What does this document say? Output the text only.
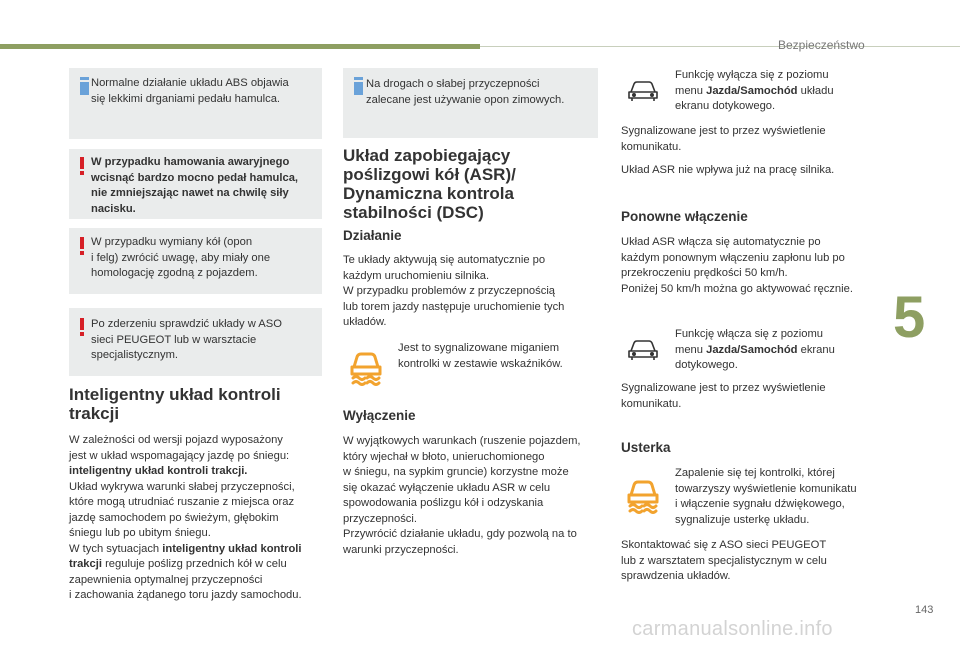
Bezpieczeństwo
5
143
carmanualsonline.info
Normalne działanie układu ABS objawia
się lekkimi drganiami pedału hamulca.
W przypadku hamowania awaryjnego
wcisnąć bardzo mocno pedał hamulca,
nie zmniejszając nawet na chwilę siły
nacisku.
W przypadku wymiany kół (opon
i felg) zwrócić uwagę, aby miały one
homologację zgodną z pojazdem.
Po zderzeniu sprawdzić układy w ASO
sieci PEUGEOT lub w warsztacie
specjalistycznym.
Inteligentny układ kontroli
trakcji
W zależności od wersji pojazd wyposażony
jest w układ wspomagający jazdę po śniegu:
inteligentny układ kontroli trakcji.
Układ wykrywa warunki słabej przyczepności,
które mogą utrudniać ruszanie z miejsca oraz
jazdę samochodem po świeżym, głębokim
śniegu lub po ubitym śniegu.
W tych sytuacjach inteligentny układ kontroli
trakcji reguluje poślizg przednich kół w celu
zapewnienia optymalnej przyczepności
i zachowania żądanego toru jazdy samochodu.
Na drogach o słabej przyczepności
zalecane jest używanie opon zimowych.
Układ zapobiegający
poślizgowi kół (ASR)/
Dynamiczna kontrola
stabilności (DSC)
Działanie
Te układy aktywują się automatycznie po
każdym uruchomieniu silnika.
W przypadku problemów z przyczepnością
lub torem jazdy następuje uruchomienie tych
układów.
Jest to sygnalizowane miganiem
kontrolki w zestawie wskaźników.
Wyłączenie
W wyjątkowych warunkach (ruszenie pojazdem,
który wjechał w błoto, unieruchomionego
w śniegu, na sypkim gruncie) korzystne może
się okazać wyłączenie układu ASR w celu
spowodowania poślizgu kół i odzyskania
przyczepności.
Przywrócić działanie układu, gdy pozwolą na to
warunki przyczepności.
Funkcję wyłącza się z poziomu
menu Jazda/Samochód układu
ekranu dotykowego.
Sygnalizowane jest to przez wyświetlenie
komunikatu.
Układ ASR nie wpływa już na pracę silnika.
Ponowne włączenie
Układ ASR włącza się automatycznie po
każdym ponownym włączeniu zapłonu lub po
przekroczeniu prędkości 50 km/h.
Poniżej 50 km/h można go aktywować ręcznie.
Funkcję włącza się z poziomu
menu Jazda/Samochód ekranu
dotykowego.
Sygnalizowane jest to przez wyświetlenie
komunikatu.
Usterka
Zapalenie się tej kontrolki, której
towarzyszy wyświetlenie komunikatu
i włączenie sygnału dźwiękowego,
sygnalizuje usterkę układu.
Skontaktować się z ASO sieci PEUGEOT
lub z warsztatem specjalistycznym w celu
sprawdzenia układów.
